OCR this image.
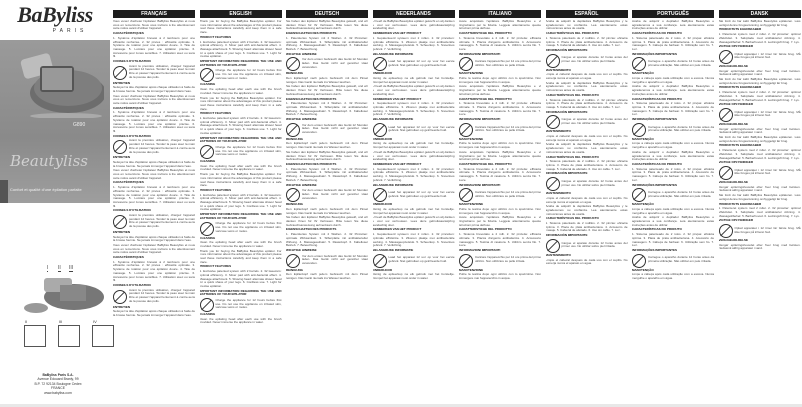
BaByliss
PARIS
G890
Beautyliss
Confort et qualité d'une épilation parfaite
I II III
II	III	IV
BaByliss Paris S.A.
Avenue Edouard Branly, 99
B.P. 72 92134 Boulogne Cedex
FRANCE
www.babyliss.com
FRANÇAIS

Vous venez d'acheter l'épilateur BaByliss Beautyliss et nous vous en remercions. Nous vous invitons à lire attentivement cette notice avant d'utiliser l'appareil.

CARACTÉRISTIQUES

1. Système d'épilation breveté à 2 tambours pour une efficacité renforcée. 2. 32 pinces : efficacité optimale. 3. Système de rotation pour une épilation douce. 4. Tête de massage. 5. Lumière pour une épilation précise. 6. Accessoire pour zones sensibles. 7. Utilisation avec ou sans fil.

CONSEILS D'UTILISATION

Avant la première utilisation, chargez l'appareil pendant 12 heures. Tendez la peau avec la main libre et passez l'appareil lentement à contre-sens de la pousse des poils.

ENTRETIEN

Nettoyez la tête d'épilation après chaque utilisation à l'aide de la brosse fournie. Ne jamais immerger l'appareil dans l'eau.

Vous venez d'acheter l'épilateur BaByliss Beautyliss et nous vous en remercions. Nous vous invitons à lire attentivement cette notice avant d'utiliser l'appareil.

CARACTÉRISTIQUES

1. Système d'épilation breveté à 2 tambours pour une efficacité renforcée. 2. 32 pinces : efficacité optimale. 3. Système de rotation pour une épilation douce. 4. Tête de massage. 5. Lumière pour une épilation précise. 6. Accessoire pour zones sensibles. 7. Utilisation avec ou sans fil.

CONSEILS D'UTILISATION

Avant la première utilisation, chargez l'appareil pendant 12 heures. Tendez la peau avec la main libre et passez l'appareil lentement à contre-sens de la pousse des poils.

ENTRETIEN

Nettoyez la tête d'épilation après chaque utilisation à l'aide de la brosse fournie. Ne jamais immerger l'appareil dans l'eau.

Vous venez d'acheter l'épilateur BaByliss Beautyliss et nous vous en remercions. Nous vous invitons à lire attentivement cette notice avant d'utiliser l'appareil.

CARACTÉRISTIQUES

1. Système d'épilation breveté à 2 tambours pour une efficacité renforcée. 2. 32 pinces : efficacité optimale. 3. Système de rotation pour une épilation douce. 4. Tête de massage. 5. Lumière pour une épilation précise. 6. Accessoire pour zones sensibles. 7. Utilisation avec ou sans fil.

CONSEILS D'UTILISATION

Avant la première utilisation, chargez l'appareil pendant 12 heures. Tendez la peau avec la main libre et passez l'appareil lentement à contre-sens de la pousse des poils.

ENTRETIEN

Nettoyez la tête d'épilation après chaque utilisation à l'aide de la brosse fournie. Ne jamais immerger l'appareil dans l'eau.

Vous venez d'acheter l'épilateur BaByliss Beautyliss et nous vous en remercions. Nous vous invitons à lire attentivement cette notice avant d'utiliser l'appareil.

CARACTÉRISTIQUES

1. Système d'épilation breveté à 2 tambours pour une efficacité renforcée. 2. 32 pinces : efficacité optimale. 3. Système de rotation pour une épilation douce. 4. Tête de massage. 5. Lumière pour une épilation précise. 6. Accessoire pour zones sensibles. 7. Utilisation avec ou sans fil.

CONSEILS D'UTILISATION

Avant la première utilisation, chargez l'appareil pendant 12 heures. Tendez la peau avec la main libre et passez l'appareil lentement à contre-sens de la pousse des poils.

ENTRETIEN

Nettoyez la tête d'épilation après chaque utilisation à l'aide de la brosse fournie. Ne jamais immerger l'appareil dans l'eau.

ENGLISH

Thank you for buying the BaByliss Beautyliss epilator. For more information about the advantages of this product please read these instructions carefully and keep them in a safe place.

PRODUCT FEATURES

1. Exclusive patented system with 2 barrels. 2. 32 tweezers: optimal efficiency. 3. Silver pad with anti-bacterial effect. 4. Massage attachment. 5. Shaving head: alternate shaver head for a quick shave of your legs. 6. Cordless use. 7. Light for precise epilation.

IMPORTANT INFORMATION REGARDING THE USE AND BATTERIES OF YOUR EPILATOR

Charge the appliance for 12 hours before first use. Do not use the appliance on irritated skin, varicose veins or moles.

CLEANING

Clean the epilating head after each use with the brush provided. Never immerse the appliance in water.

Thank you for buying the BaByliss Beautyliss epilator. For more information about the advantages of this product please read these instructions carefully and keep them in a safe place.

PRODUCT FEATURES

1. Exclusive patented system with 2 barrels. 2. 32 tweezers: optimal efficiency. 3. Silver pad with anti-bacterial effect. 4. Massage attachment. 5. Shaving head: alternate shaver head for a quick shave of your legs. 6. Cordless use. 7. Light for precise epilation.

IMPORTANT INFORMATION REGARDING THE USE AND BATTERIES OF YOUR EPILATOR

Charge the appliance for 12 hours before first use. Do not use the appliance on irritated skin, varicose veins or moles.

CLEANING

Clean the epilating head after each use with the brush provided. Never immerse the appliance in water.

Thank you for buying the BaByliss Beautyliss epilator. For more information about the advantages of this product please read these instructions carefully and keep them in a safe place.

PRODUCT FEATURES

1. Exclusive patented system with 2 barrels. 2. 32 tweezers: optimal efficiency. 3. Silver pad with anti-bacterial effect. 4. Massage attachment. 5. Shaving head: alternate shaver head for a quick shave of your legs. 6. Cordless use. 7. Light for precise epilation.

IMPORTANT INFORMATION REGARDING THE USE AND BATTERIES OF YOUR EPILATOR

Charge the appliance for 12 hours before first use. Do not use the appliance on irritated skin, varicose veins or moles.

CLEANING

Clean the epilating head after each use with the brush provided. Never immerse the appliance in water.

Thank you for buying the BaByliss Beautyliss epilator. For more information about the advantages of this product please read these instructions carefully and keep them in a safe place.

PRODUCT FEATURES

1. Exclusive patented system with 2 barrels. 2. 32 tweezers: optimal efficiency. 3. Silver pad with anti-bacterial effect. 4. Massage attachment. 5. Shaving head: alternate shaver head for a quick shave of your legs. 6. Cordless use. 7. Light for precise epilation.

IMPORTANT INFORMATION REGARDING THE USE AND BATTERIES OF YOUR EPILATOR

Charge the appliance for 12 hours before first use. Do not use the appliance on irritated skin, varicose veins or moles.

CLEANING

Clean the epilating head after each use with the brush provided. Never immerse the appliance in water.

DEUTSCH

Sie haben den Epilierer BaByliss Beautyliss gekauft, und wir danken Ihnen für Ihr Vertrauen. Bitte lesen Sie diese Gebrauchsanweisung aufmerksam durch.

EIGENSCHAFTEN DES PRODUKTS

1. Patentiertes System mit 2 Walzen. 2. 32 Pinzetten: optimale Wirksamkeit. 3. Silberplatte mit antibakterieller Wirkung. 4. Massageaufsatz. 5. Rasierkopf. 6. Kabelloser Betrieb. 7. Beleuchtung.

WICHTIGE HINWEISE

Vor dem ersten Gebrauch das Gerät 12 Stunden laden. Das Gerät nicht auf gereizter Haut verwenden.

REINIGUNG

Den Epilierkopf nach jedem Gebrauch mit dem Pinsel reinigen. Das Gerät niemals ins Wasser tauchen.

Sie haben den Epilierer BaByliss Beautyliss gekauft, und wir danken Ihnen für Ihr Vertrauen. Bitte lesen Sie diese Gebrauchsanweisung aufmerksam durch.

EIGENSCHAFTEN DES PRODUKTS

1. Patentiertes System mit 2 Walzen. 2. 32 Pinzetten: optimale Wirksamkeit. 3. Silberplatte mit antibakterieller Wirkung. 4. Massageaufsatz. 5. Rasierkopf. 6. Kabelloser Betrieb. 7. Beleuchtung.

WICHTIGE HINWEISE

Vor dem ersten Gebrauch das Gerät 12 Stunden laden. Das Gerät nicht auf gereizter Haut verwenden.

REINIGUNG

Den Epilierkopf nach jedem Gebrauch mit dem Pinsel reinigen. Das Gerät niemals ins Wasser tauchen.

Sie haben den Epilierer BaByliss Beautyliss gekauft, und wir danken Ihnen für Ihr Vertrauen. Bitte lesen Sie diese Gebrauchsanweisung aufmerksam durch.

EIGENSCHAFTEN DES PRODUKTS

1. Patentiertes System mit 2 Walzen. 2. 32 Pinzetten: optimale Wirksamkeit. 3. Silberplatte mit antibakterieller Wirkung. 4. Massageaufsatz. 5. Rasierkopf. 6. Kabelloser Betrieb. 7. Beleuchtung.

WICHTIGE HINWEISE

Vor dem ersten Gebrauch das Gerät 12 Stunden laden. Das Gerät nicht auf gereizter Haut verwenden.

REINIGUNG

Den Epilierkopf nach jedem Gebrauch mit dem Pinsel reinigen. Das Gerät niemals ins Wasser tauchen.

Sie haben den Epilierer BaByliss Beautyliss gekauft, und wir danken Ihnen für Ihr Vertrauen. Bitte lesen Sie diese Gebrauchsanweisung aufmerksam durch.

EIGENSCHAFTEN DES PRODUKTS

1. Patentiertes System mit 2 Walzen. 2. 32 Pinzetten: optimale Wirksamkeit. 3. Silberplatte mit antibakterieller Wirkung. 4. Massageaufsatz. 5. Rasierkopf. 6. Kabelloser Betrieb. 7. Beleuchtung.

WICHTIGE HINWEISE

Vor dem ersten Gebrauch das Gerät 12 Stunden laden. Das Gerät nicht auf gereizter Haut verwenden.

REINIGUNG

Den Epilierkopf nach jedem Gebrauch mit dem Pinsel reinigen. Das Gerät niemals ins Wasser tauchen.

NEDERLANDS

U heeft de BaByliss Beautyliss epilator gekocht en wij danken u voor uw vertrouwen. Lees deze gebruiksaanwijzing aandachtig door.

KENMERKEN VAN HET PRODUCT

1. Gepatenteerd systeem met 2 rollen. 2. 32 pincetten: optimale efficiëntie. 3. Zilveren plaatje met antibacteriële werking. 4. Massageopzetstuk. 5. Scheerkop. 6. Snoerloos gebruik. 7. Verlichting.

BELANGRIJKE INFORMATIE

Laad het apparaat 12 uur op voor het eerste gebruik. Niet gebruiken op geïrriteerde huid.

ONDERHOUD

Reinig de epileerkop na elk gebruik met het borsteltje. Dompel het apparaat nooit onder in water.

U heeft de BaByliss Beautyliss epilator gekocht en wij danken u voor uw vertrouwen. Lees deze gebruiksaanwijzing aandachtig door.

KENMERKEN VAN HET PRODUCT

1. Gepatenteerd systeem met 2 rollen. 2. 32 pincetten: optimale efficiëntie. 3. Zilveren plaatje met antibacteriële werking. 4. Massageopzetstuk. 5. Scheerkop. 6. Snoerloos gebruik. 7. Verlichting.

BELANGRIJKE INFORMATIE

Laad het apparaat 12 uur op voor het eerste gebruik. Niet gebruiken op geïrriteerde huid.

ONDERHOUD

Reinig de epileerkop na elk gebruik met het borsteltje. Dompel het apparaat nooit onder in water.

U heeft de BaByliss Beautyliss epilator gekocht en wij danken u voor uw vertrouwen. Lees deze gebruiksaanwijzing aandachtig door.

KENMERKEN VAN HET PRODUCT

1. Gepatenteerd systeem met 2 rollen. 2. 32 pincetten: optimale efficiëntie. 3. Zilveren plaatje met antibacteriële werking. 4. Massageopzetstuk. 5. Scheerkop. 6. Snoerloos gebruik. 7. Verlichting.

BELANGRIJKE INFORMATIE

Laad het apparaat 12 uur op voor het eerste gebruik. Niet gebruiken op geïrriteerde huid.

ONDERHOUD

Reinig de epileerkop na elk gebruik met het borsteltje. Dompel het apparaat nooit onder in water.

U heeft de BaByliss Beautyliss epilator gekocht en wij danken u voor uw vertrouwen. Lees deze gebruiksaanwijzing aandachtig door.

KENMERKEN VAN HET PRODUCT

1. Gepatenteerd systeem met 2 rollen. 2. 32 pincetten: optimale efficiëntie. 3. Zilveren plaatje met antibacteriële werking. 4. Massageopzetstuk. 5. Scheerkop. 6. Snoerloos gebruik. 7. Verlichting.

BELANGRIJKE INFORMATIE

Laad het apparaat 12 uur op voor het eerste gebruik. Niet gebruiken op geïrriteerde huid.

ONDERHOUD

Reinig de epileerkop na elk gebruik met het borsteltje. Dompel het apparaat nooit onder in water.

ITALIANO

Avete acquistato l'epilatore BaByliss Beautyliss e vi ringraziamo per la fiducia. Leggete attentamente queste istruzioni prima dell'uso.

CARATTERISTICHE DEL PRODOTTO

1. Sistema brevettato a 2 rulli. 2. 32 pinzette: efficacia ottimale. 3. Placca d'argento antibatterica. 4. Accessorio massaggio. 5. Testina di rasatura. 6. Utilizzo senza filo. 7. Luce.

INFORMAZIONI IMPORTANTI

Caricare l'apparecchio per 12 ore prima del primo utilizzo. Non utilizzare su pelle irritata.

MANUTENZIONE

Pulire la testina dopo ogni utilizzo con lo spazzolino. Non immergere mai l'apparecchio in acqua.

Avete acquistato l'epilatore BaByliss Beautyliss e vi ringraziamo per la fiducia. Leggete attentamente queste istruzioni prima dell'uso.

CARATTERISTICHE DEL PRODOTTO

1. Sistema brevettato a 2 rulli. 2. 32 pinzette: efficacia ottimale. 3. Placca d'argento antibatterica. 4. Accessorio massaggio. 5. Testina di rasatura. 6. Utilizzo senza filo. 7. Luce.

INFORMAZIONI IMPORTANTI

Caricare l'apparecchio per 12 ore prima del primo utilizzo. Non utilizzare su pelle irritata.

MANUTENZIONE

Pulire la testina dopo ogni utilizzo con lo spazzolino. Non immergere mai l'apparecchio in acqua.

Avete acquistato l'epilatore BaByliss Beautyliss e vi ringraziamo per la fiducia. Leggete attentamente queste istruzioni prima dell'uso.

CARATTERISTICHE DEL PRODOTTO

1. Sistema brevettato a 2 rulli. 2. 32 pinzette: efficacia ottimale. 3. Placca d'argento antibatterica. 4. Accessorio massaggio. 5. Testina di rasatura. 6. Utilizzo senza filo. 7. Luce.

INFORMAZIONI IMPORTANTI

Caricare l'apparecchio per 12 ore prima del primo utilizzo. Non utilizzare su pelle irritata.

MANUTENZIONE

Pulire la testina dopo ogni utilizzo con lo spazzolino. Non immergere mai l'apparecchio in acqua.

Avete acquistato l'epilatore BaByliss Beautyliss e vi ringraziamo per la fiducia. Leggete attentamente queste istruzioni prima dell'uso.

CARATTERISTICHE DEL PRODOTTO

1. Sistema brevettato a 2 rulli. 2. 32 pinzette: efficacia ottimale. 3. Placca d'argento antibatterica. 4. Accessorio massaggio. 5. Testina di rasatura. 6. Utilizzo senza filo. 7. Luce.

INFORMAZIONI IMPORTANTI

Caricare l'apparecchio per 12 ore prima del primo utilizzo. Non utilizzare su pelle irritata.

MANUTENZIONE

Pulire la testina dopo ogni utilizzo con lo spazzolino. Non immergere mai l'apparecchio in acqua.

ESPAÑOL

Acaba de adquirir la depiladora BaByliss Beautyliss y le agradecemos su confianza. Lea atentamente estas instrucciones antes de usarla.

CARACTERÍSTICAS DEL PRODUCTO

1. Sistema patentado de 2 rodillos. 2. 32 pinzas: eficacia óptima. 3. Placa de plata antibacteriana. 4. Accesorio de masaje. 5. Cabezal de afeitado. 6. Uso sin cable. 7. Luz.

INFORMACIÓN IMPORTANTE

Cargue el aparato durante 12 horas antes del primer uso. No utilizar sobre piel irritada.

MANTENIMIENTO

Limpie el cabezal después de cada uso con el cepillo. No sumerja nunca el aparato en agua.

Acaba de adquirir la depiladora BaByliss Beautyliss y le agradecemos su confianza. Lea atentamente estas instrucciones antes de usarla.

CARACTERÍSTICAS DEL PRODUCTO

1. Sistema patentado de 2 rodillos. 2. 32 pinzas: eficacia óptima. 3. Placa de plata antibacteriana. 4. Accesorio de masaje. 5. Cabezal de afeitado. 6. Uso sin cable. 7. Luz.

INFORMACIÓN IMPORTANTE

Cargue el aparato durante 12 horas antes del primer uso. No utilizar sobre piel irritada.

MANTENIMIENTO

Limpie el cabezal después de cada uso con el cepillo. No sumerja nunca el aparato en agua.

Acaba de adquirir la depiladora BaByliss Beautyliss y le agradecemos su confianza. Lea atentamente estas instrucciones antes de usarla.

CARACTERÍSTICAS DEL PRODUCTO

1. Sistema patentado de 2 rodillos. 2. 32 pinzas: eficacia óptima. 3. Placa de plata antibacteriana. 4. Accesorio de masaje. 5. Cabezal de afeitado. 6. Uso sin cable. 7. Luz.

INFORMACIÓN IMPORTANTE

Cargue el aparato durante 12 horas antes del primer uso. No utilizar sobre piel irritada.

MANTENIMIENTO

Limpie el cabezal después de cada uso con el cepillo. No sumerja nunca el aparato en agua.

Acaba de adquirir la depiladora BaByliss Beautyliss y le agradecemos su confianza. Lea atentamente estas instrucciones antes de usarla.

CARACTERÍSTICAS DEL PRODUCTO

1. Sistema patentado de 2 rodillos. 2. 32 pinzas: eficacia óptima. 3. Placa de plata antibacteriana. 4. Accesorio de masaje. 5. Cabezal de afeitado. 6. Uso sin cable. 7. Luz.

INFORMACIÓN IMPORTANTE

Cargue el aparato durante 12 horas antes del primer uso. No utilizar sobre piel irritada.

MANTENIMIENTO

Limpie el cabezal después de cada uso con el cepillo. No sumerja nunca el aparato en agua.

PORTUGUÊS

Acaba de adquirir o depilador BaByliss Beautyliss e agradecemos a sua confiança. Leia atentamente estas instruções antes de utilizar.

CARACTERÍSTICAS DO PRODUTO

1. Sistema patenteado de 2 rolos. 2. 32 pinças: eficácia óptima. 3. Placa de prata antibacteriana. 4. Acessório de massagem. 5. Cabeça de barbear. 6. Utilização sem fio. 7. Luz.

INFORMAÇÕES IMPORTANTES

Carregue o aparelho durante 12 horas antes da primeira utilização. Não utilizar em pele irritada.

MANUTENÇÃO

Limpe a cabeça após cada utilização com a escova. Nunca mergulhe o aparelho em água.

Acaba de adquirir o depilador BaByliss Beautyliss e agradecemos a sua confiança. Leia atentamente estas instruções antes de utilizar.

CARACTERÍSTICAS DO PRODUTO

1. Sistema patenteado de 2 rolos. 2. 32 pinças: eficácia óptima. 3. Placa de prata antibacteriana. 4. Acessório de massagem. 5. Cabeça de barbear. 6. Utilização sem fio. 7. Luz.

INFORMAÇÕES IMPORTANTES

Carregue o aparelho durante 12 horas antes da primeira utilização. Não utilizar em pele irritada.

MANUTENÇÃO

Limpe a cabeça após cada utilização com a escova. Nunca mergulhe o aparelho em água.

Acaba de adquirir o depilador BaByliss Beautyliss e agradecemos a sua confiança. Leia atentamente estas instruções antes de utilizar.

CARACTERÍSTICAS DO PRODUTO

1. Sistema patenteado de 2 rolos. 2. 32 pinças: eficácia óptima. 3. Placa de prata antibacteriana. 4. Acessório de massagem. 5. Cabeça de barbear. 6. Utilização sem fio. 7. Luz.

INFORMAÇÕES IMPORTANTES

Carregue o aparelho durante 12 horas antes da primeira utilização. Não utilizar em pele irritada.

MANUTENÇÃO

Limpe a cabeça após cada utilização com a escova. Nunca mergulhe o aparelho em água.

Acaba de adquirir o depilador BaByliss Beautyliss e agradecemos a sua confiança. Leia atentamente estas instruções antes de utilizar.

CARACTERÍSTICAS DO PRODUTO

1. Sistema patenteado de 2 rolos. 2. 32 pinças: eficácia óptima. 3. Placa de prata antibacteriana. 4. Acessório de massagem. 5. Cabeça de barbear. 6. Utilização sem fio. 7. Luz.

INFORMAÇÕES IMPORTANTES

Carregue o aparelho durante 12 horas antes da primeira utilização. Não utilizar em pele irritada.

MANUTENÇÃO

Limpe a cabeça após cada utilização com a escova. Nunca mergulhe o aparelho em água.

DANSK

Tak fordi du har købt BaByliss Beautyliss epilatoren. Læs venligst denne brugsanvisning omhyggeligt før brug.

PRODUKTETS EGENSKABER

1. Patenteret system med 2 ruller. 2. 32 pincetter: optimal effektivitet. 3. Sølvplade med antibakteriel virkning. 4. Massagetilbehør. 5. Barberhoved. 6. Ledningsfri brug. 7. Lys.

VIGTIGE OPLYSNINGER

Oplad apparatet i 12 timer før første brug. Må ikke bruges på irriteret hud.

VEDLIGEHOLDELSE

Rengør epileringshovedet efter hver brug med børsten. Nedsænk aldrig apparatet i vand.

Tak fordi du har købt BaByliss Beautyliss epilatoren. Læs venligst denne brugsanvisning omhyggeligt før brug.

PRODUKTETS EGENSKABER

1. Patenteret system med 2 ruller. 2. 32 pincetter: optimal effektivitet. 3. Sølvplade med antibakteriel virkning. 4. Massagetilbehør. 5. Barberhoved. 6. Ledningsfri brug. 7. Lys.

VIGTIGE OPLYSNINGER

Oplad apparatet i 12 timer før første brug. Må ikke bruges på irriteret hud.

VEDLIGEHOLDELSE

Rengør epileringshovedet efter hver brug med børsten. Nedsænk aldrig apparatet i vand.

Tak fordi du har købt BaByliss Beautyliss epilatoren. Læs venligst denne brugsanvisning omhyggeligt før brug.

PRODUKTETS EGENSKABER

1. Patenteret system med 2 ruller. 2. 32 pincetter: optimal effektivitet. 3. Sølvplade med antibakteriel virkning. 4. Massagetilbehør. 5. Barberhoved. 6. Ledningsfri brug. 7. Lys.

VIGTIGE OPLYSNINGER

Oplad apparatet i 12 timer før første brug. Må ikke bruges på irriteret hud.

VEDLIGEHOLDELSE

Rengør epileringshovedet efter hver brug med børsten. Nedsænk aldrig apparatet i vand.

Tak fordi du har købt BaByliss Beautyliss epilatoren. Læs venligst denne brugsanvisning omhyggeligt før brug.

PRODUKTETS EGENSKABER

1. Patenteret system med 2 ruller. 2. 32 pincetter: optimal effektivitet. 3. Sølvplade med antibakteriel virkning. 4. Massagetilbehør. 5. Barberhoved. 6. Ledningsfri brug. 7. Lys.

VIGTIGE OPLYSNINGER

Oplad apparatet i 12 timer før første brug. Må ikke bruges på irriteret hud.

VEDLIGEHOLDELSE

Rengør epileringshovedet efter hver brug med børsten. Nedsænk aldrig apparatet i vand.
